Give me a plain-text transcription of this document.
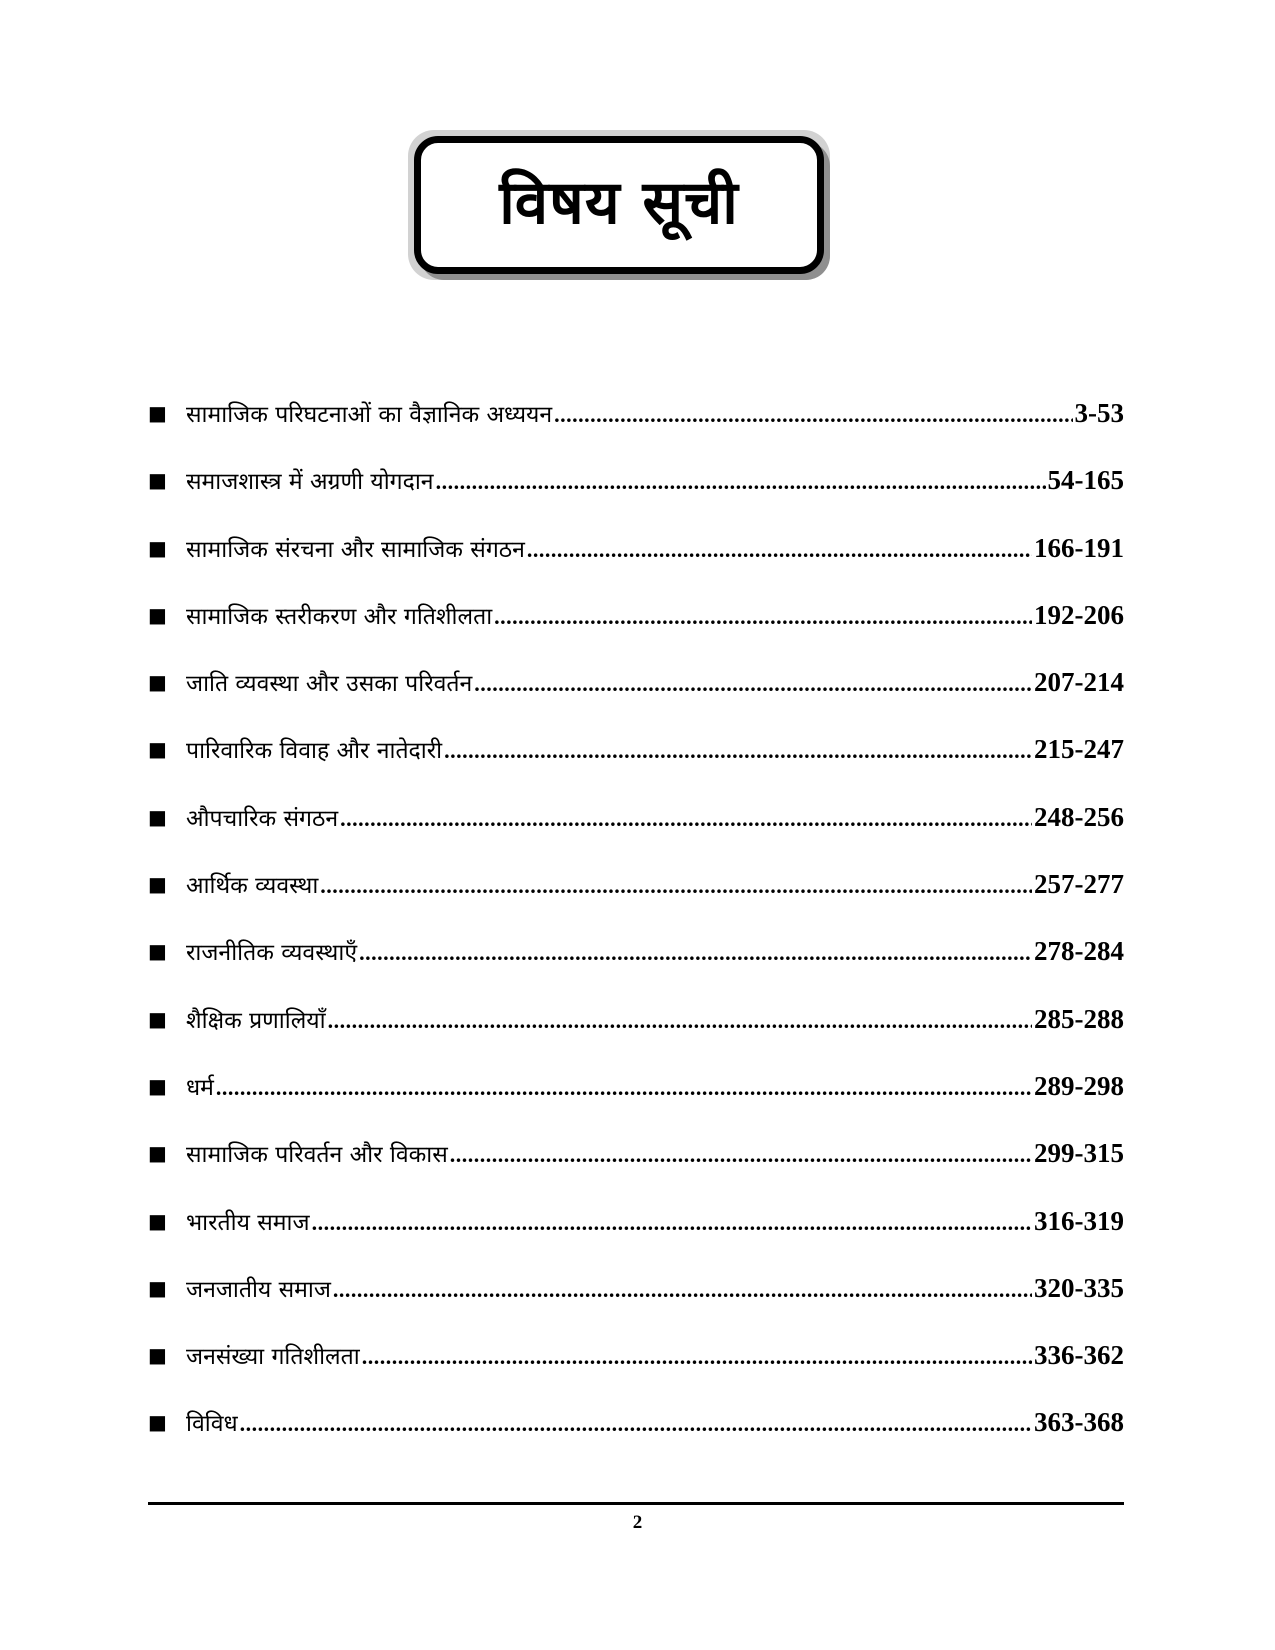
विषय सूची
■ सामाजिक परिघटनाओं का वैज्ञानिक अध्ययन .....	3-53
■ समाजशास्त्र में अग्रणी योगदान .....	54-165
■ सामाजिक संरचना और सामाजिक संगठन .....	166-191
■ सामाजिक स्तरीकरण और गतिशीलता .....	192-206
■ जाति व्यवस्था और उसका परिवर्तन .....	207-214
■ पारिवारिक विवाह और नातेदारी .....	215-247
■ औपचारिक संगठन .....	248-256
■ आर्थिक व्यवस्था .....	257-277
■ राजनीतिक व्यवस्थाएँ .....	278-284
■ शैक्षिक प्रणालियाँ .....	285-288
■ धर्म .....	289-298
■ सामाजिक परिवर्तन और विकास .....	299-315
■ भारतीय समाज .....	316-319
■ जनजातीय समाज .....	320-335
■ जनसंख्या गतिशीलता .....	336-362
■ विविध .....	363-368
2
